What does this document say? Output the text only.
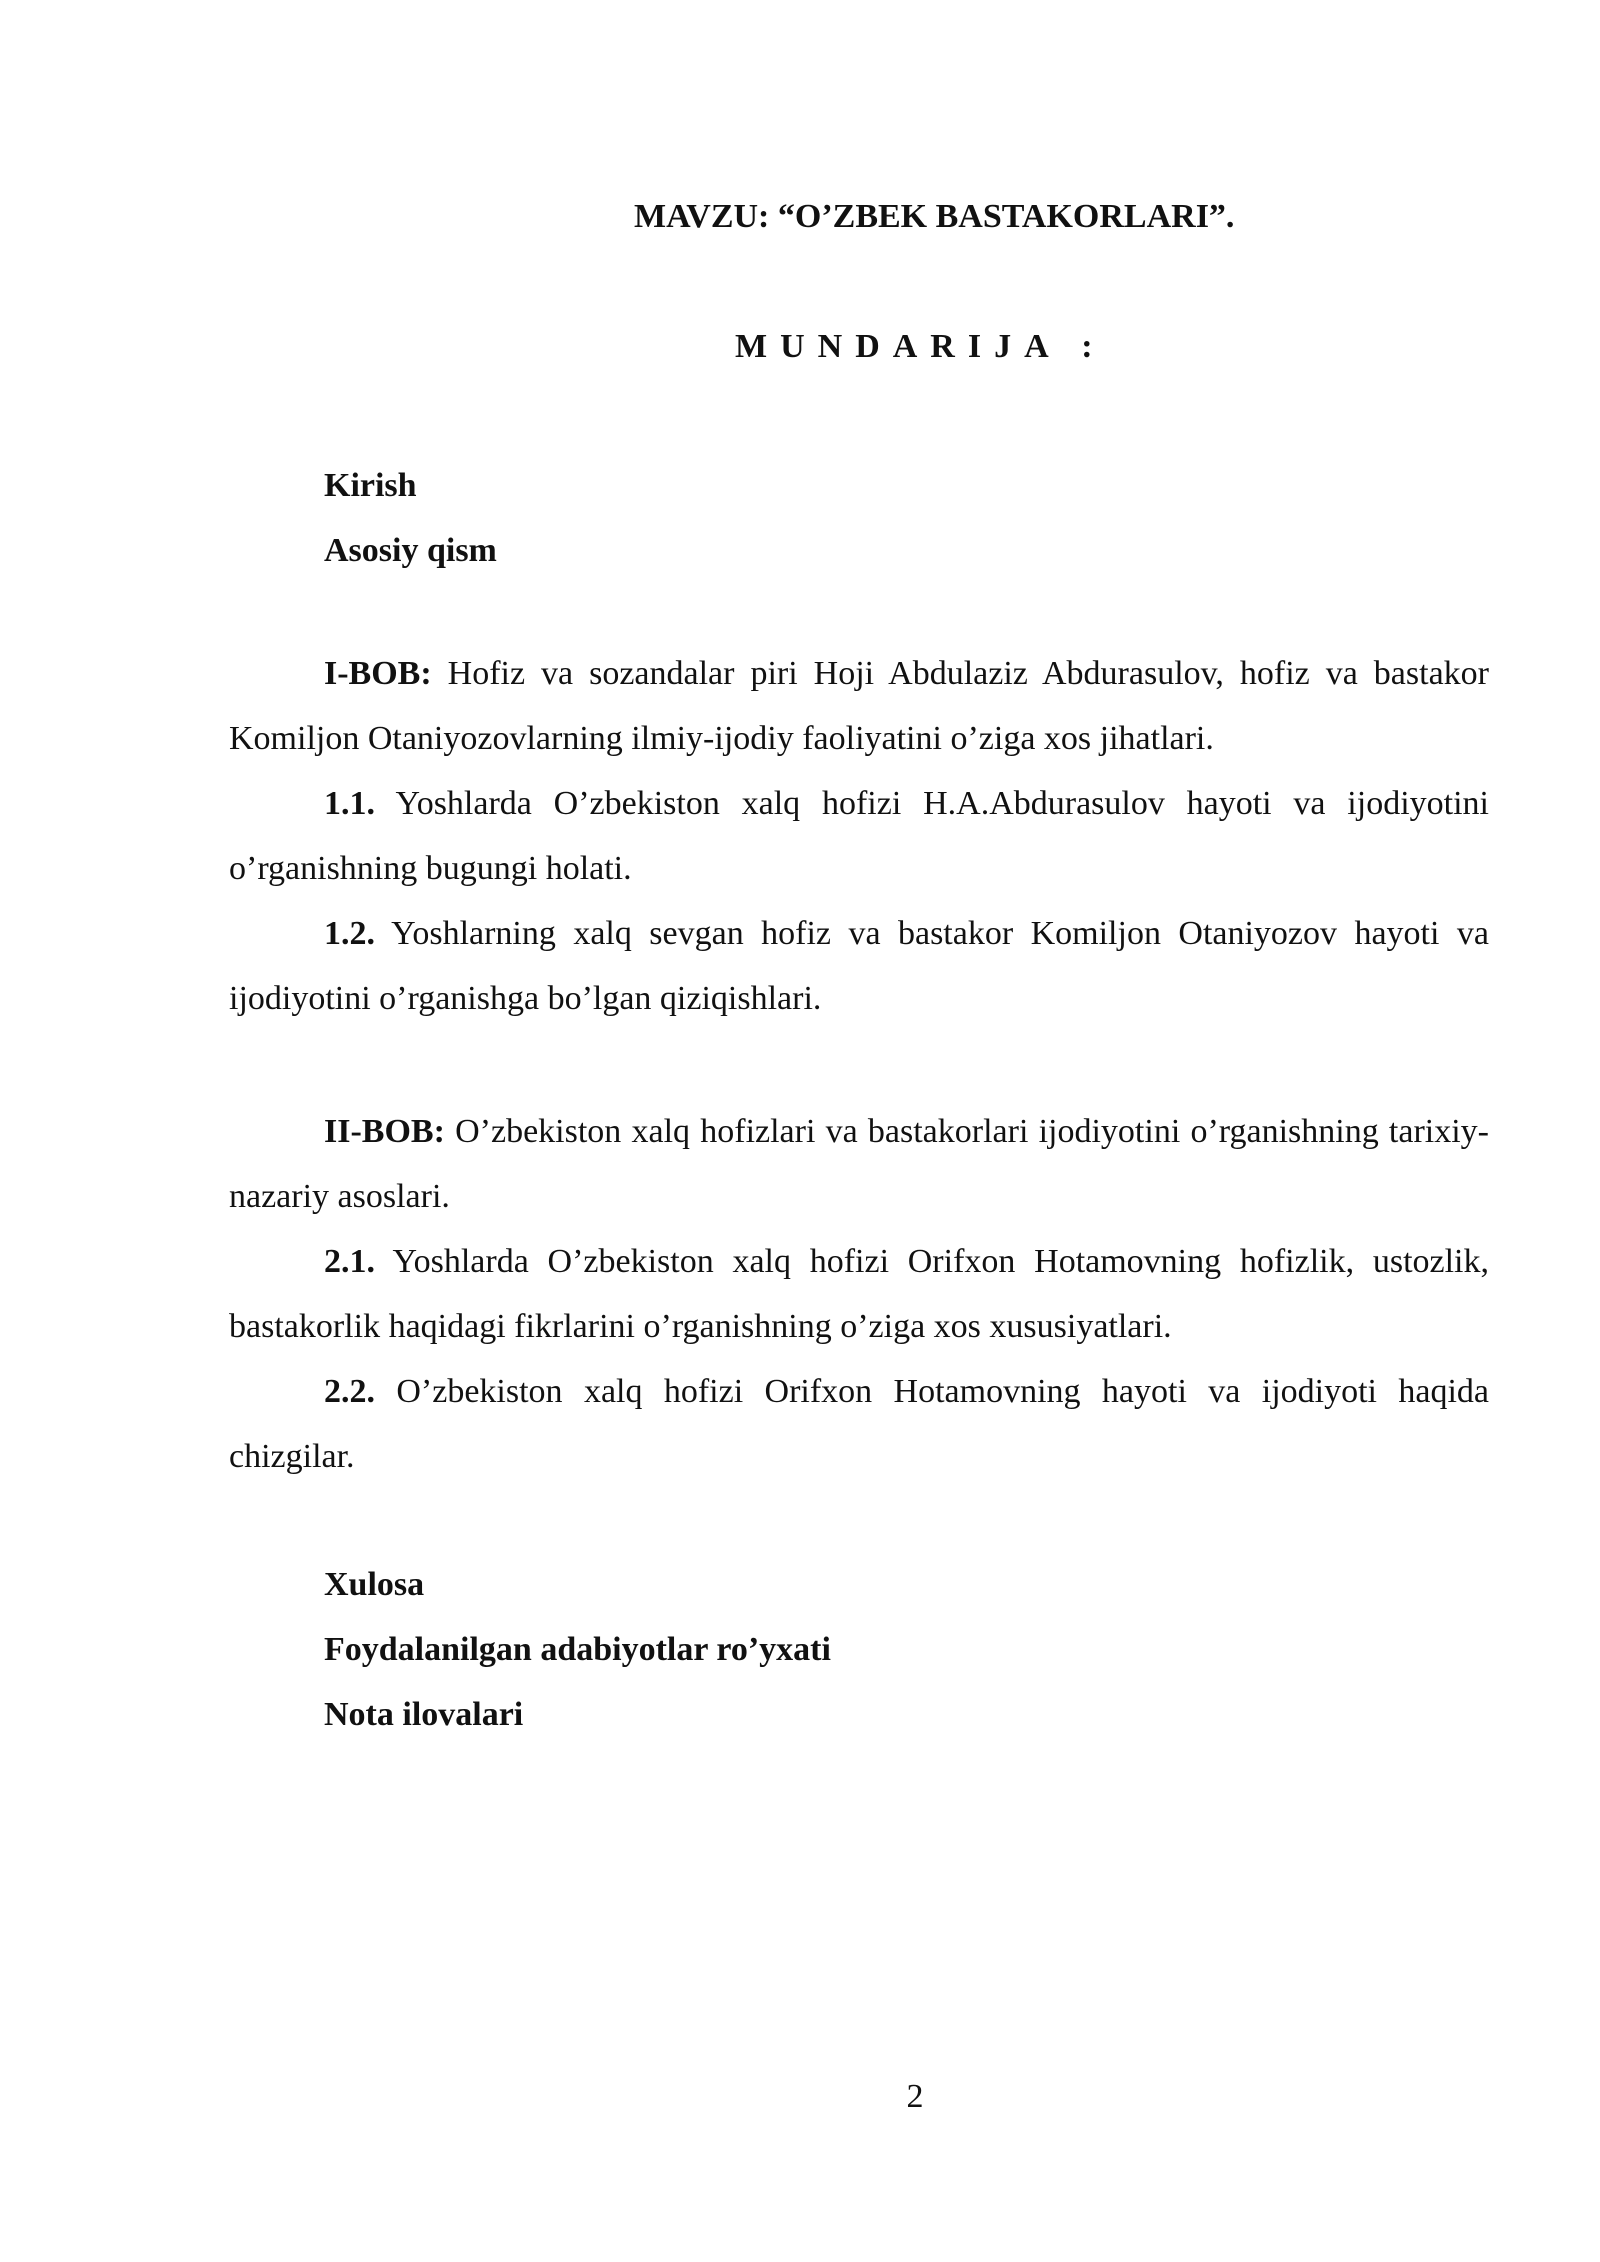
MAVZU: “O’ZBEK BASTAKORLARI”.
MUNDARIJA :
Kirish
Asosiy qism

I-BOB: Hofiz va sozandalar piri Hoji Abdulaziz Abdurasulov, hofiz va bastakor Komiljon Otaniyozovlarning ilmiy-ijodiy faoliyatini o’ziga xos jihatlari.

1.1. Yoshlarda O’zbekiston xalq hofizi H.A.Abdurasulov hayoti va ijodiyotini o’rganishning bugungi holati.

1.2. Yoshlarning xalq sevgan hofiz va bastakor Komiljon Otaniyozov hayoti va ijodiyotini o’rganishga bo’lgan qiziqishlari.

II-BOB: O’zbekiston xalq hofizlari va bastakorlari ijodiyotini o’rganishning tarixiy-nazariy asoslari.

2.1. Yoshlarda O’zbekiston xalq hofizi Orifxon Hotamovning hofizlik, ustozlik, bastakorlik haqidagi fikrlarini o’rganishning o’ziga xos xususiyatlari.

2.2. O’zbekiston xalq hofizi Orifxon Hotamovning hayoti va ijodiyoti haqida chizgilar.

Xulosa
Foydalanilgan adabiyotlar ro’yxati
Nota ilovalari
2
